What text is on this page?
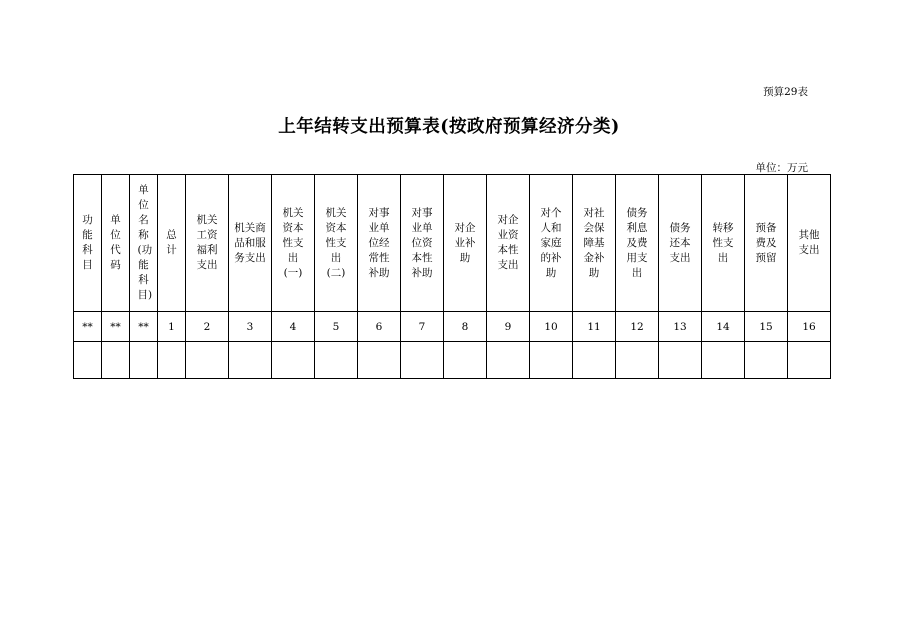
预算29表
上年结转支出预算表(按政府预算经济分类)
单位：万元
功能科目	单位代码	单位名称(功能科目)	总计	机关工资福利支出	机关商品和服务支出	机关资本性支出(一)	机关资本性支出(二)	对事业单位经常性补助	对事业单位资本性补助	对企业补助	对企业资本性支出	对个人和家庭的补助	对社会保障基金补助	债务利息及费用支出	债务还本支出	转移性支出	预备费及预留	其他支出
**	**	**	1	2	3	4	5	6	7	8	9	10	11	12	13	14	15	16
